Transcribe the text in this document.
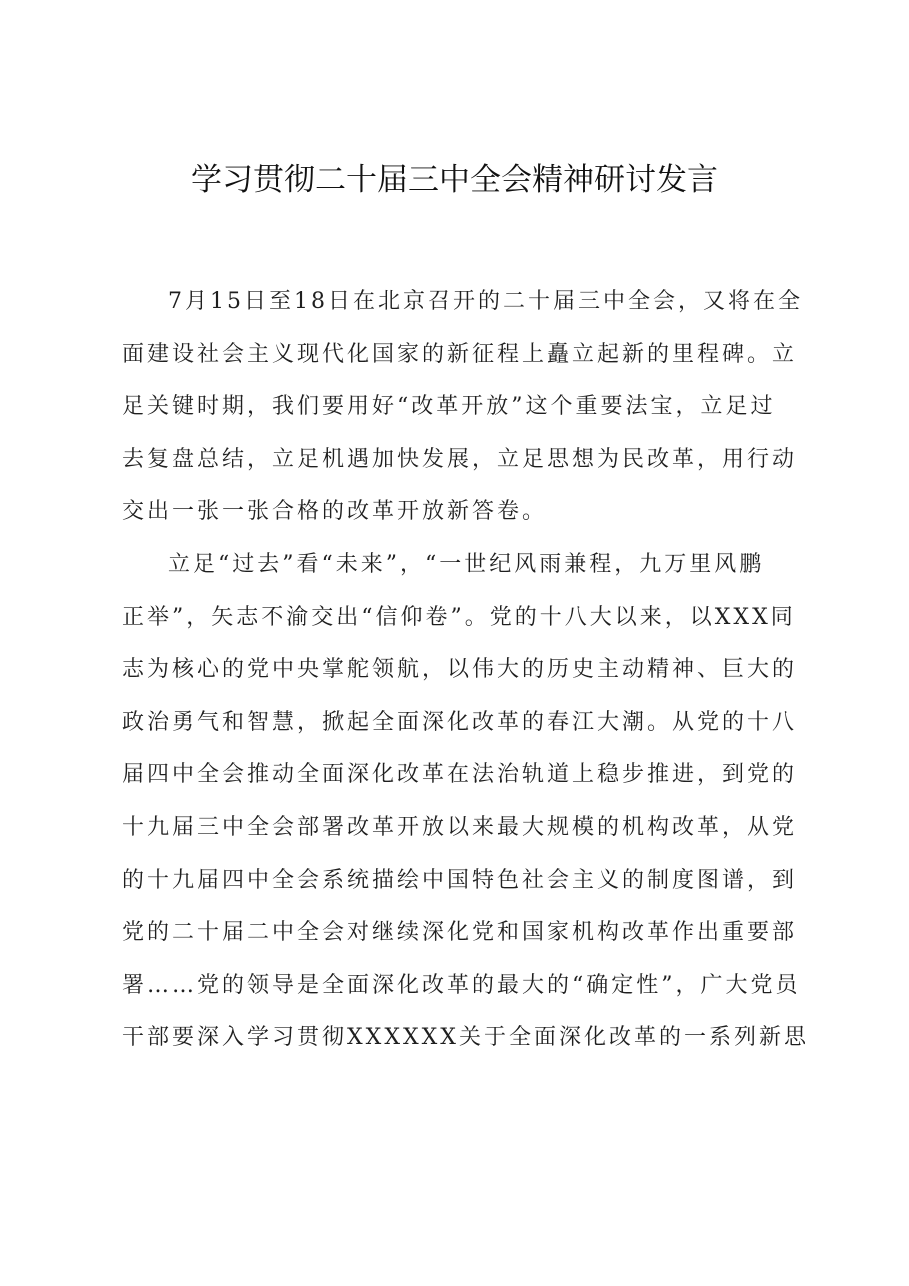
学习贯彻二十届三中全会精神研讨发言
7月15日至18日在北京召开的二十届三中全会，又将在全
面建设社会主义现代化国家的新征程上矗立起新的里程碑。立
足关键时期，我们要用好“改革开放”这个重要法宝，立足过
去复盘总结，立足机遇加快发展，立足思想为民改革，用行动
交出一张一张合格的改革开放新答卷。
立足“过去”看“未来”，“一世纪风雨兼程，九万里风鹏
正举”，矢志不渝交出“信仰卷”。党的十八大以来，以XXX同
志为核心的党中央掌舵领航，以伟大的历史主动精神、巨大的
政治勇气和智慧，掀起全面深化改革的春江大潮。从党的十八
届四中全会推动全面深化改革在法治轨道上稳步推进，到党的
十九届三中全会部署改革开放以来最大规模的机构改革，从党
的十九届四中全会系统描绘中国特色社会主义的制度图谱，到
党的二十届二中全会对继续深化党和国家机构改革作出重要部
署……党的领导是全面深化改革的最大的“确定性”，广大党员
干部要深入学习贯彻XXXXXX关于全面深化改革的一系列新思
